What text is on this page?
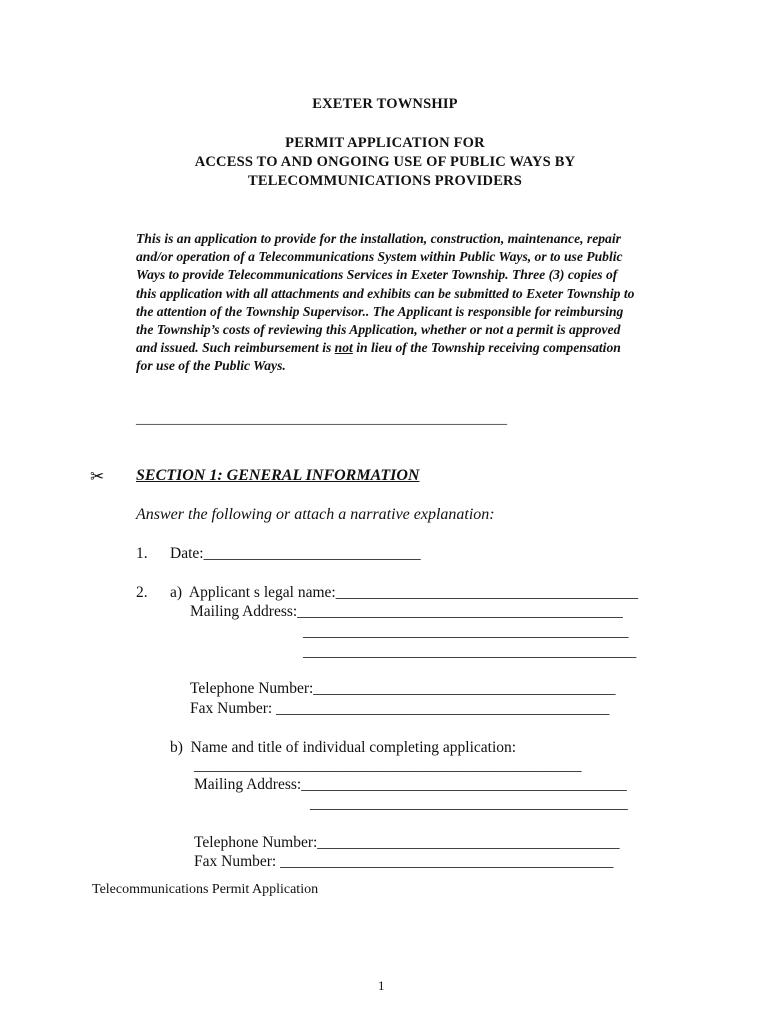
EXETER TOWNSHIP
PERMIT APPLICATION FOR
ACCESS TO AND ONGOING USE OF PUBLIC WAYS BY
TELECOMMUNICATIONS PROVIDERS
This is an application to provide for the installation, construction, maintenance, repair and/or operation of a Telecommunications System within Public Ways, or to use Public Ways to provide Telecommunications Services in Exeter Township. Three (3) copies of this application with all attachments and exhibits can be submitted to Exeter Township to the attention of the Township Supervisor.. The Applicant is responsible for reimbursing the Township’s costs of reviewing this Application, whether or not a permit is approved and issued. Such reimbursement is not in lieu of the Township receiving compensation for use of the Public Ways.
_____________________________________________________
✂ SECTION 1: GENERAL INFORMATION
Answer the following or attach a narrative explanation:
1. Date:____________________________
2. a)  Applicant s legal name:_______________________________________
Mailing Address:__________________________________________
__________________________________________
___________________________________________
Telephone Number:_______________________________________
Fax Number: ___________________________________________
b)  Name and title of individual completing application:
__________________________________________________
Mailing Address:__________________________________________
_________________________________________
Telephone Number:_______________________________________
Fax Number: ___________________________________________
Telecommunications Permit Application
1
